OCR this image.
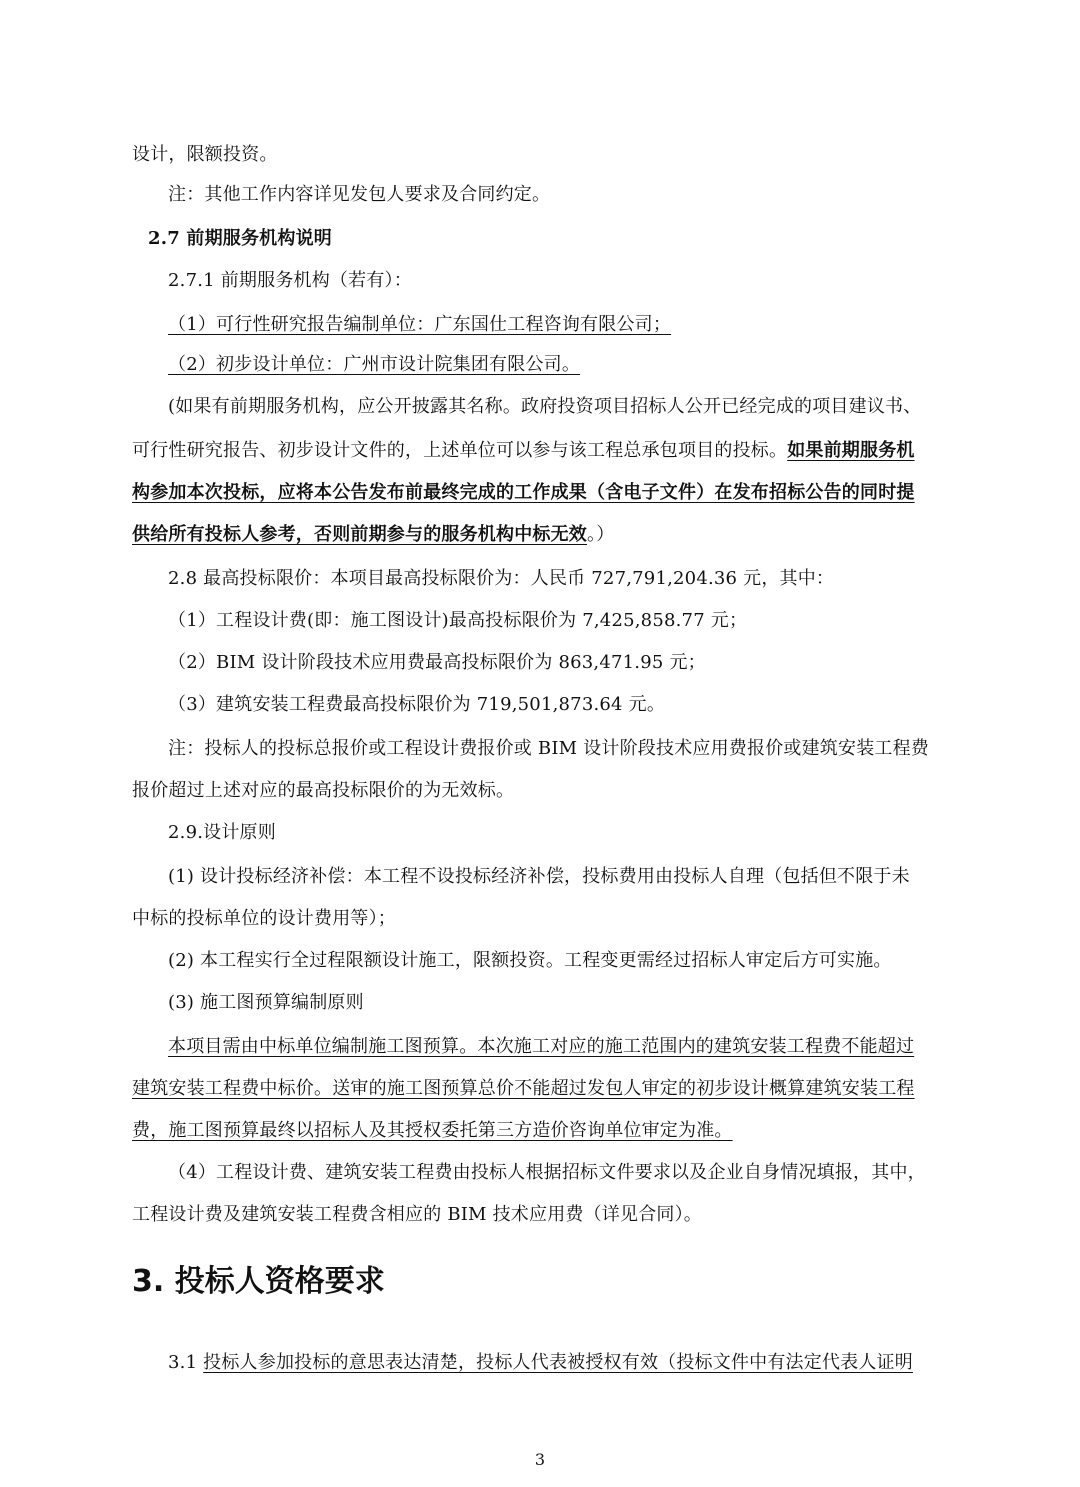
设计，限额投资。
注：其他工作内容详见发包人要求及合同约定。
2.7 前期服务机构说明
2.7.1 前期服务机构（若有）：
（1）可行性研究报告编制单位：广东国仕工程咨询有限公司；
（2）初步设计单位：广州市设计院集团有限公司。
(如果有前期服务机构，应公开披露其名称。政府投资项目招标人公开已经完成的项目建议书、
可行性研究报告、初步设计文件的，上述单位可以参与该工程总承包项目的投标。如果前期服务机
构参加本次投标，应将本公告发布前最终完成的工作成果（含电子文件）在发布招标公告的同时提
供给所有投标人参考，否则前期参与的服务机构中标无效。）
2.8 最高投标限价：本项目最高投标限价为：人民币 727,791,204.36 元，其中：
（1）工程设计费(即：施工图设计)最高投标限价为 7,425,858.77 元；
（2）BIM 设计阶段技术应用费最高投标限价为 863,471.95 元；
（3）建筑安装工程费最高投标限价为 719,501,873.64 元。
注：投标人的投标总报价或工程设计费报价或 BIM 设计阶段技术应用费报价或建筑安装工程费
报价超过上述对应的最高投标限价的为无效标。
2.9.设计原则
(1) 设计投标经济补偿：本工程不设投标经济补偿，投标费用由投标人自理（包括但不限于未
中标的投标单位的设计费用等）；
(2) 本工程实行全过程限额设计施工，限额投资。工程变更需经过招标人审定后方可实施。
(3) 施工图预算编制原则
本项目需由中标单位编制施工图预算。本次施工对应的施工范围内的建筑安装工程费不能超过
建筑安装工程费中标价。送审的施工图预算总价不能超过发包人审定的初步设计概算建筑安装工程
费，施工图预算最终以招标人及其授权委托第三方造价咨询单位审定为准。
（4）工程设计费、建筑安装工程费由投标人根据招标文件要求以及企业自身情况填报，其中，
工程设计费及建筑安装工程费含相应的 BIM 技术应用费（详见合同）。
3. 投标人资格要求
3.1 投标人参加投标的意思表达清楚，投标人代表被授权有效（投标文件中有法定代表人证明
3
